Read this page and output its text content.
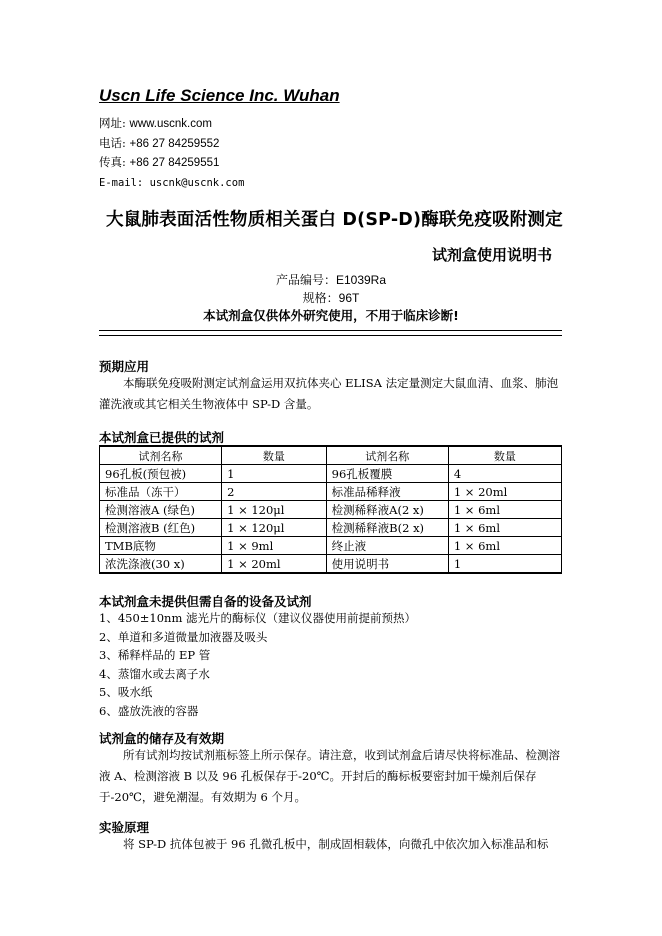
Uscn Life Science Inc. Wuhan
网址: www.uscnk.com
电话: +86 27 84259552
传真: +86 27 84259551
E-mail: uscnk@uscnk.com
大鼠肺表面活性物质相关蛋白 D(SP-D)酶联免疫吸附测定
试剂盒使用说明书
产品编号：E1039Ra
规格：96T
本试剂盒仅供体外研究使用，不用于临床诊断!
预期应用

本酶联免疫吸附测定试剂盒运用双抗体夹心 ELISA 法定量测定大鼠血清、血浆、肺泡灌洗液或其它相关生物液体中 SP-D 含量。

本试剂盒已提供的试剂
试剂名称	数量	试剂名称	数量
96孔板(预包被)	1	96孔板覆膜	4
标准品（冻干）	2	标准品稀释液	1 × 20ml
检测溶液A (绿色)	1 × 120μl	检测稀释液A(2 x)	1 × 6ml
检测溶液B (红色)	1 × 120μl	检测稀释液B(2 x)	1 × 6ml
TMB底物	1 × 9ml	终止液	1 × 6ml
浓洗涤液(30 x)	1 × 20ml	使用说明书	1
本试剂盒未提供但需自备的设备及试剂
1、450±10nm 滤光片的酶标仪（建议仪器使用前提前预热）
2、单道和多道微量加液器及吸头
3、稀释样品的 EP 管
4、蒸馏水或去离子水
5、吸水纸
6、盛放洗液的容器
试剂盒的储存及有效期

所有试剂均按试剂瓶标签上所示保存。请注意，收到试剂盒后请尽快将标准品、检测溶液 A、检测溶液 B 以及 96 孔板保存于-20℃。开封后的酶标板要密封加干燥剂后保存于-20℃，避免潮湿。有效期为 6 个月。

实验原理

将 SP-D 抗体包被于 96 孔微孔板中，制成固相载体，向微孔中依次加入标准品和标
